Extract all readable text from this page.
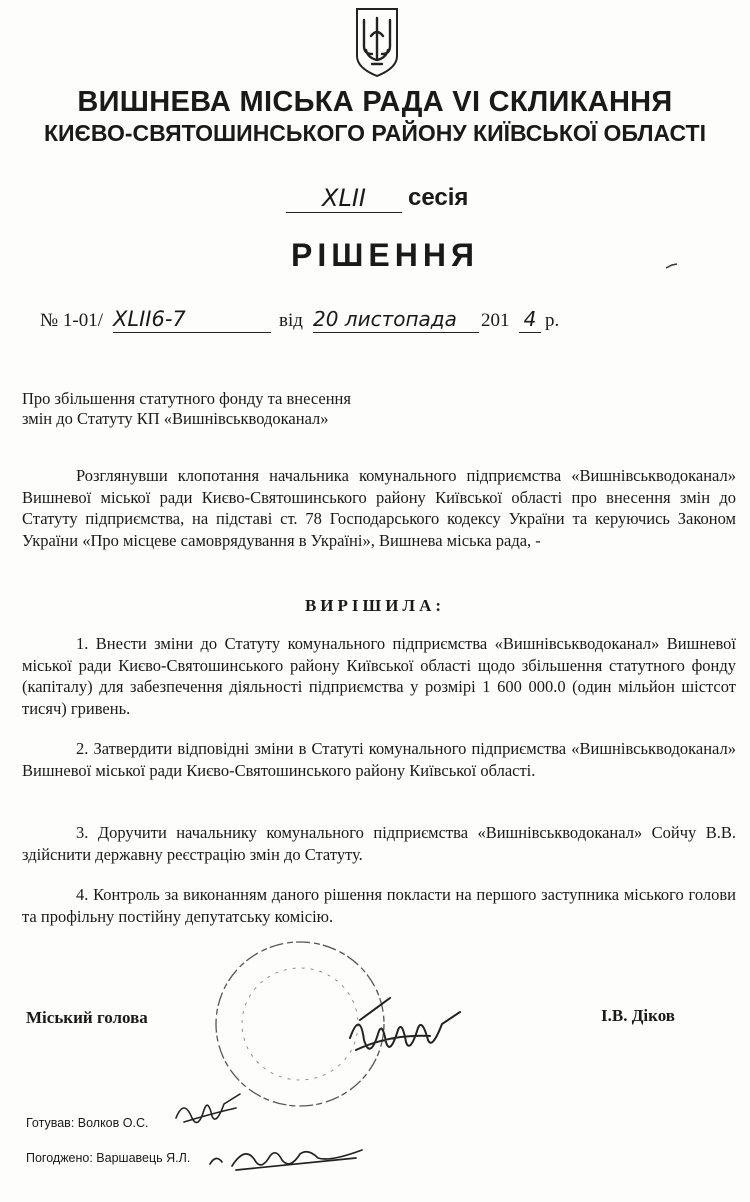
ВИШНЕВА МІСЬКА РАДА VI СКЛИКАННЯ
КИЄВО-СВЯТОШИНСЬКОГО РАЙОНУ КИЇВСЬКОЇ ОБЛАСТІ
XLII	сесія
РІШЕННЯ
№ 1-01/ XLII6-7	від 20 листопада	201 4 р.
Про збільшення статутного фонду та внесення
змін до Статуту КП «Вишнівськводоканал»
Розглянувши клопотання начальника комунального підприємства «Вишнівськводоканал» Вишневої міської ради Києво-Святошинського району Київської області про внесення змін до Статуту підприємства, на підставі ст. 78 Господарського кодексу України та керуючись Законом України «Про місцеве самоврядування в Україні», Вишнева міська рада, -
ВИРІШИЛА:
1. Внести зміни до Статуту комунального підприємства «Вишнівськводоканал» Вишневої міської ради Києво-Святошинського району Київської області щодо збільшення статутного фонду (капіталу) для забезпечення діяльності підприємства у розмірі 1 600 000.0 (один мільйон шістсот тисяч) гривень.
2. Затвердити відповідні зміни в Статуті комунального підприємства «Вишнівськводоканал» Вишневої міської ради Києво-Святошинського району Київської області.
3. Доручити начальнику комунального підприємства «Вишнівськводоканал» Сойчу В.В. здійснити державну реєстрацію змін до Статуту.
4. Контроль за виконанням даного рішення покласти на першого заступника міського голови та профільну постійну депутатську комісію.
Міський голова	І.В. Діков
Готував: Волков О.С.
Погоджено: Варшавець Я.Л.
